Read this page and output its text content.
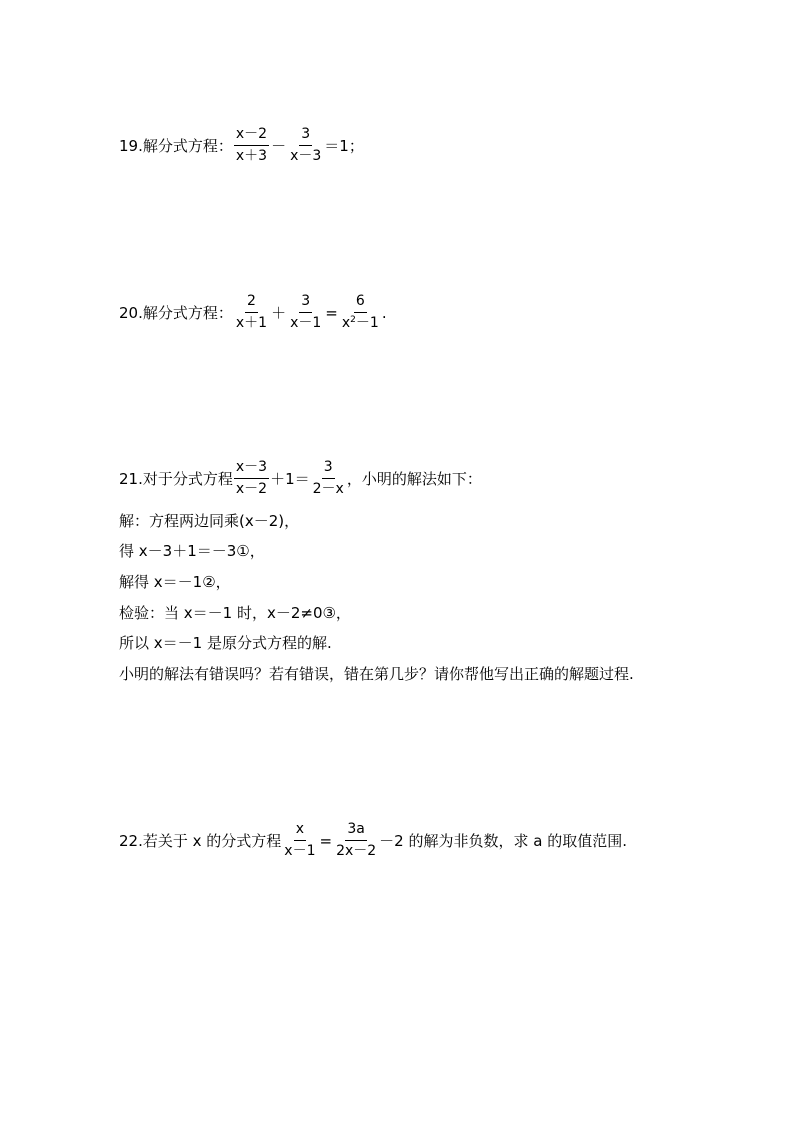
19.解分式方程： $\frac{x-2}{x+3} - \frac{3}{x-3} =1$；
20.解分式方程： $\frac{2}{x+1} + \frac{3}{x-1} = \frac{6}{x^2-1}$ .
21.对于分式方程 $\frac{x-3}{x-2} +1= \frac{3}{2-x}$ ，小明的解法如下：
解：方程两边同乘(x－2)，
得 x－3＋1＝－3①，
解得 x＝－1②，
检验：当 x＝－1 时，x－2≠0③，
所以 x＝－1 是原分式方程的解.
小明的解法有错误吗？若有错误，错在第几步？请你帮他写出正确的解题过程.
22.若关于 x 的分式方程 $\frac{x}{x-1} = \frac{3a}{2x-2} -2$ 的解为非负数，求 a 的取值范围.
